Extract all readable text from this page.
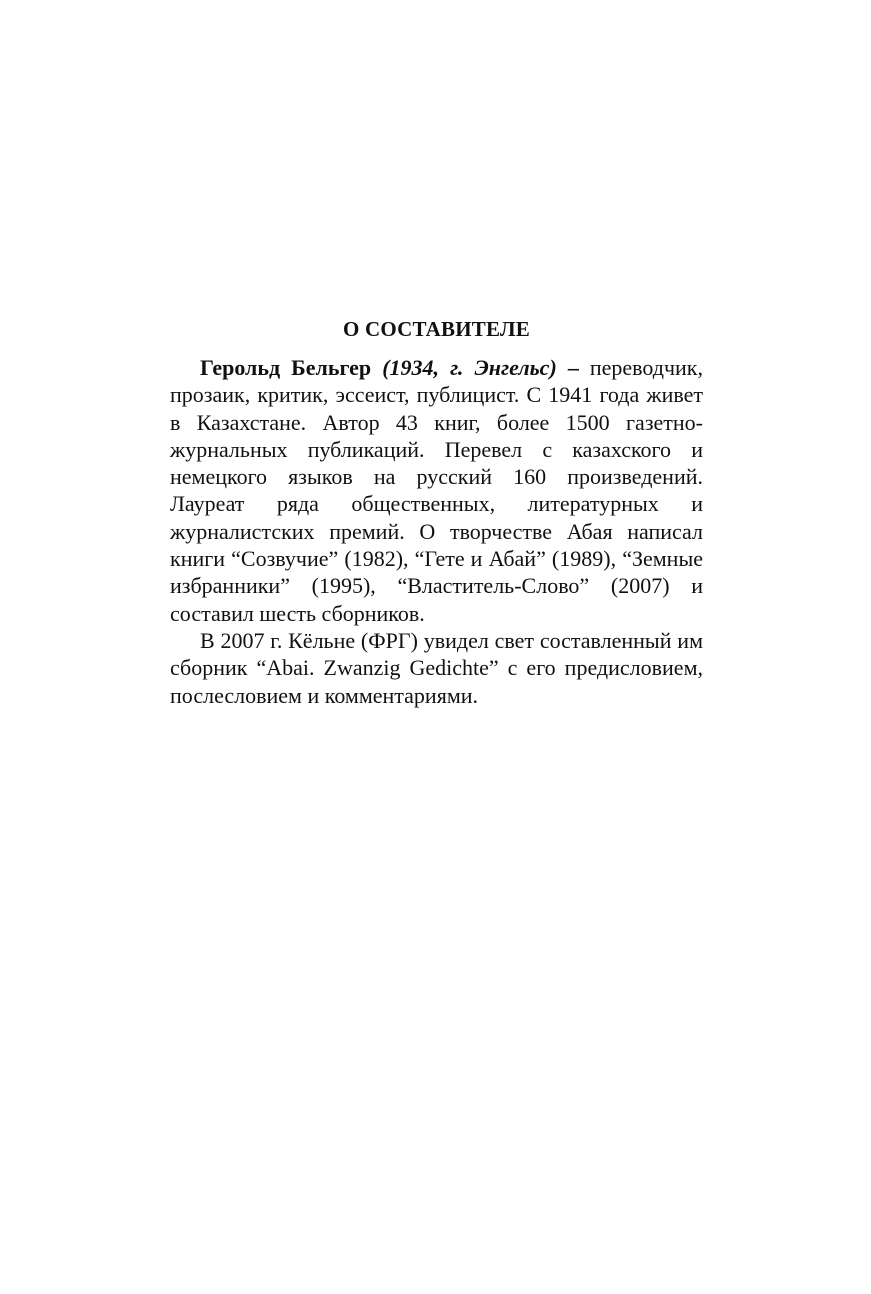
О СОСТАВИТЕЛЕ

Герольд Бельгер (1934, г. Энгельс) – переводчик, прозаик, критик, эссеист, публицист. С 1941 года живет в Казахстане. Автор 43 книг, более 1500 газетно-журнальных публикаций. Перевел с казахского и немецкого языков на русский 160 произведений. Лауреат ряда общественных, литературных и журналистских премий. О творчестве Абая написал книги “Созвучие” (1982), “Гете и Абай” (1989), “Земные избранники” (1995), “Властитель-Слово” (2007) и составил шесть сборников.

В 2007 г. Кёльне (ФРГ) увидел свет составленный им сборник “Abai. Zwanzig Gedichte” с его предисловием, послесловием и комментариями.
